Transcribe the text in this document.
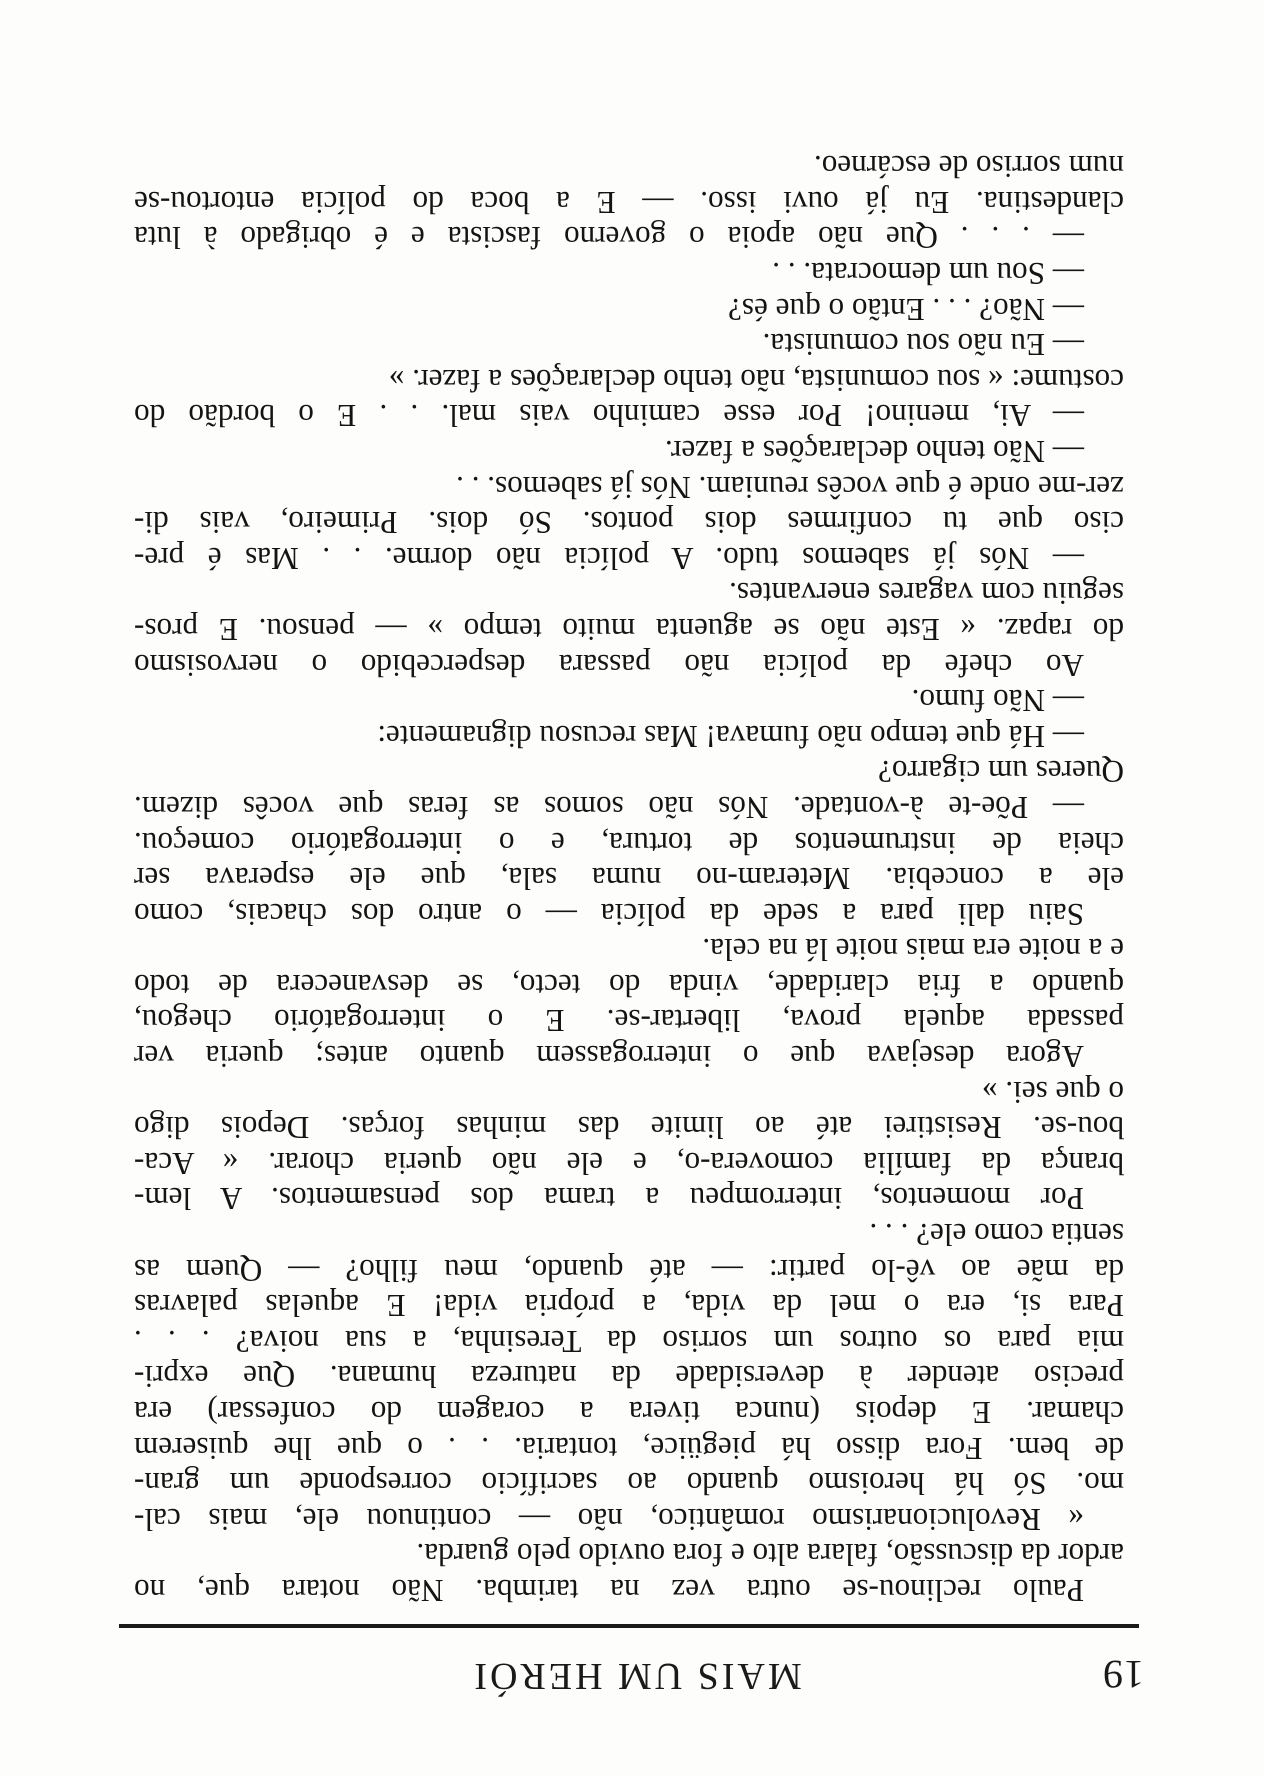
19
MAIS UM HERÓI
Paulo reclinou-se outra vez na tarimba. Não notara que, no
ardor da discussão, falara alto e fora ouvido pelo guarda.
« Revolucionarismo romântico, não — continuou ele, mais cal-
mo. Só há heroismo quando ao sacrifício corresponde um gran-
de bem. Fora disso há piegüice, tontaria. . . o que lhe quiserem
chamar. E depois (nunca tivera a coragem do confessar) era
preciso atender à deversidade da natureza humana. Que expri-
mia para os outros um sorriso da Teresinha, a sua noiva? . . .
Para si, era o mel da vida, a própria vida! E aquelas palavras
da mãe ao vê-lo partir: — até quando, meu filho? — Quem as
sentia como ele? . . .
Por momentos, interrompeu a trama dos pensamentos. A lem-
brança da família comovera-o, e ele não queria chorar. « Aca-
bou-se. Resistirei até ao limite das minhas forças. Depois digo
o que sei. »
Agora desejava que o interrogassem quanto antes; queria ver
passada aquela prova, libertar-se. E o interrogatório chegou,
quando a fria claridade, vinda do tecto, se desvanecera de todo
e a noite era mais noite lá na cela.
Saiu dali para a sede da polícia — o antro dos chacais, como
ele a concebia. Meteram-no numa sala, que ele esperava ser
cheia de instrumentos de tortura, e o interrogatório começou.
— Põe-te à-vontade. Nós não somos as feras que vocês dizem.
Queres um cigarro?
— Há que tempo não fumava! Mas recusou dignamente:
— Não fumo.
Ao chefe da polícia não passara despercebido o nervosismo
do rapaz. « Este não se aguenta muito tempo » — pensou. E pros-
seguiu com vagares enervantes.
— Nós já sabemos tudo. A polícia não dorme. . . Mas é pre-
ciso que tu confirmes dois pontos. Só dois. Primeiro, vais di-
zer-me onde é que vocês reuniam. Nós já sabemos. . .
— Não tenho declarações a fazer.
— Ai, menino! Por esse caminho vais mal. . . E o bordão do
costume: « sou comunista, não tenho declarações a fazer. »
— Eu não sou comunista.
— Não? . . . Então o que és?
— Sou um democrata. . .
— . . . Que não apoia o governo fascista e é obrigado à luta
clandestina. Eu já ouvi isso. — E a boca do polícia entortou-se
num sorriso de escárneo.
